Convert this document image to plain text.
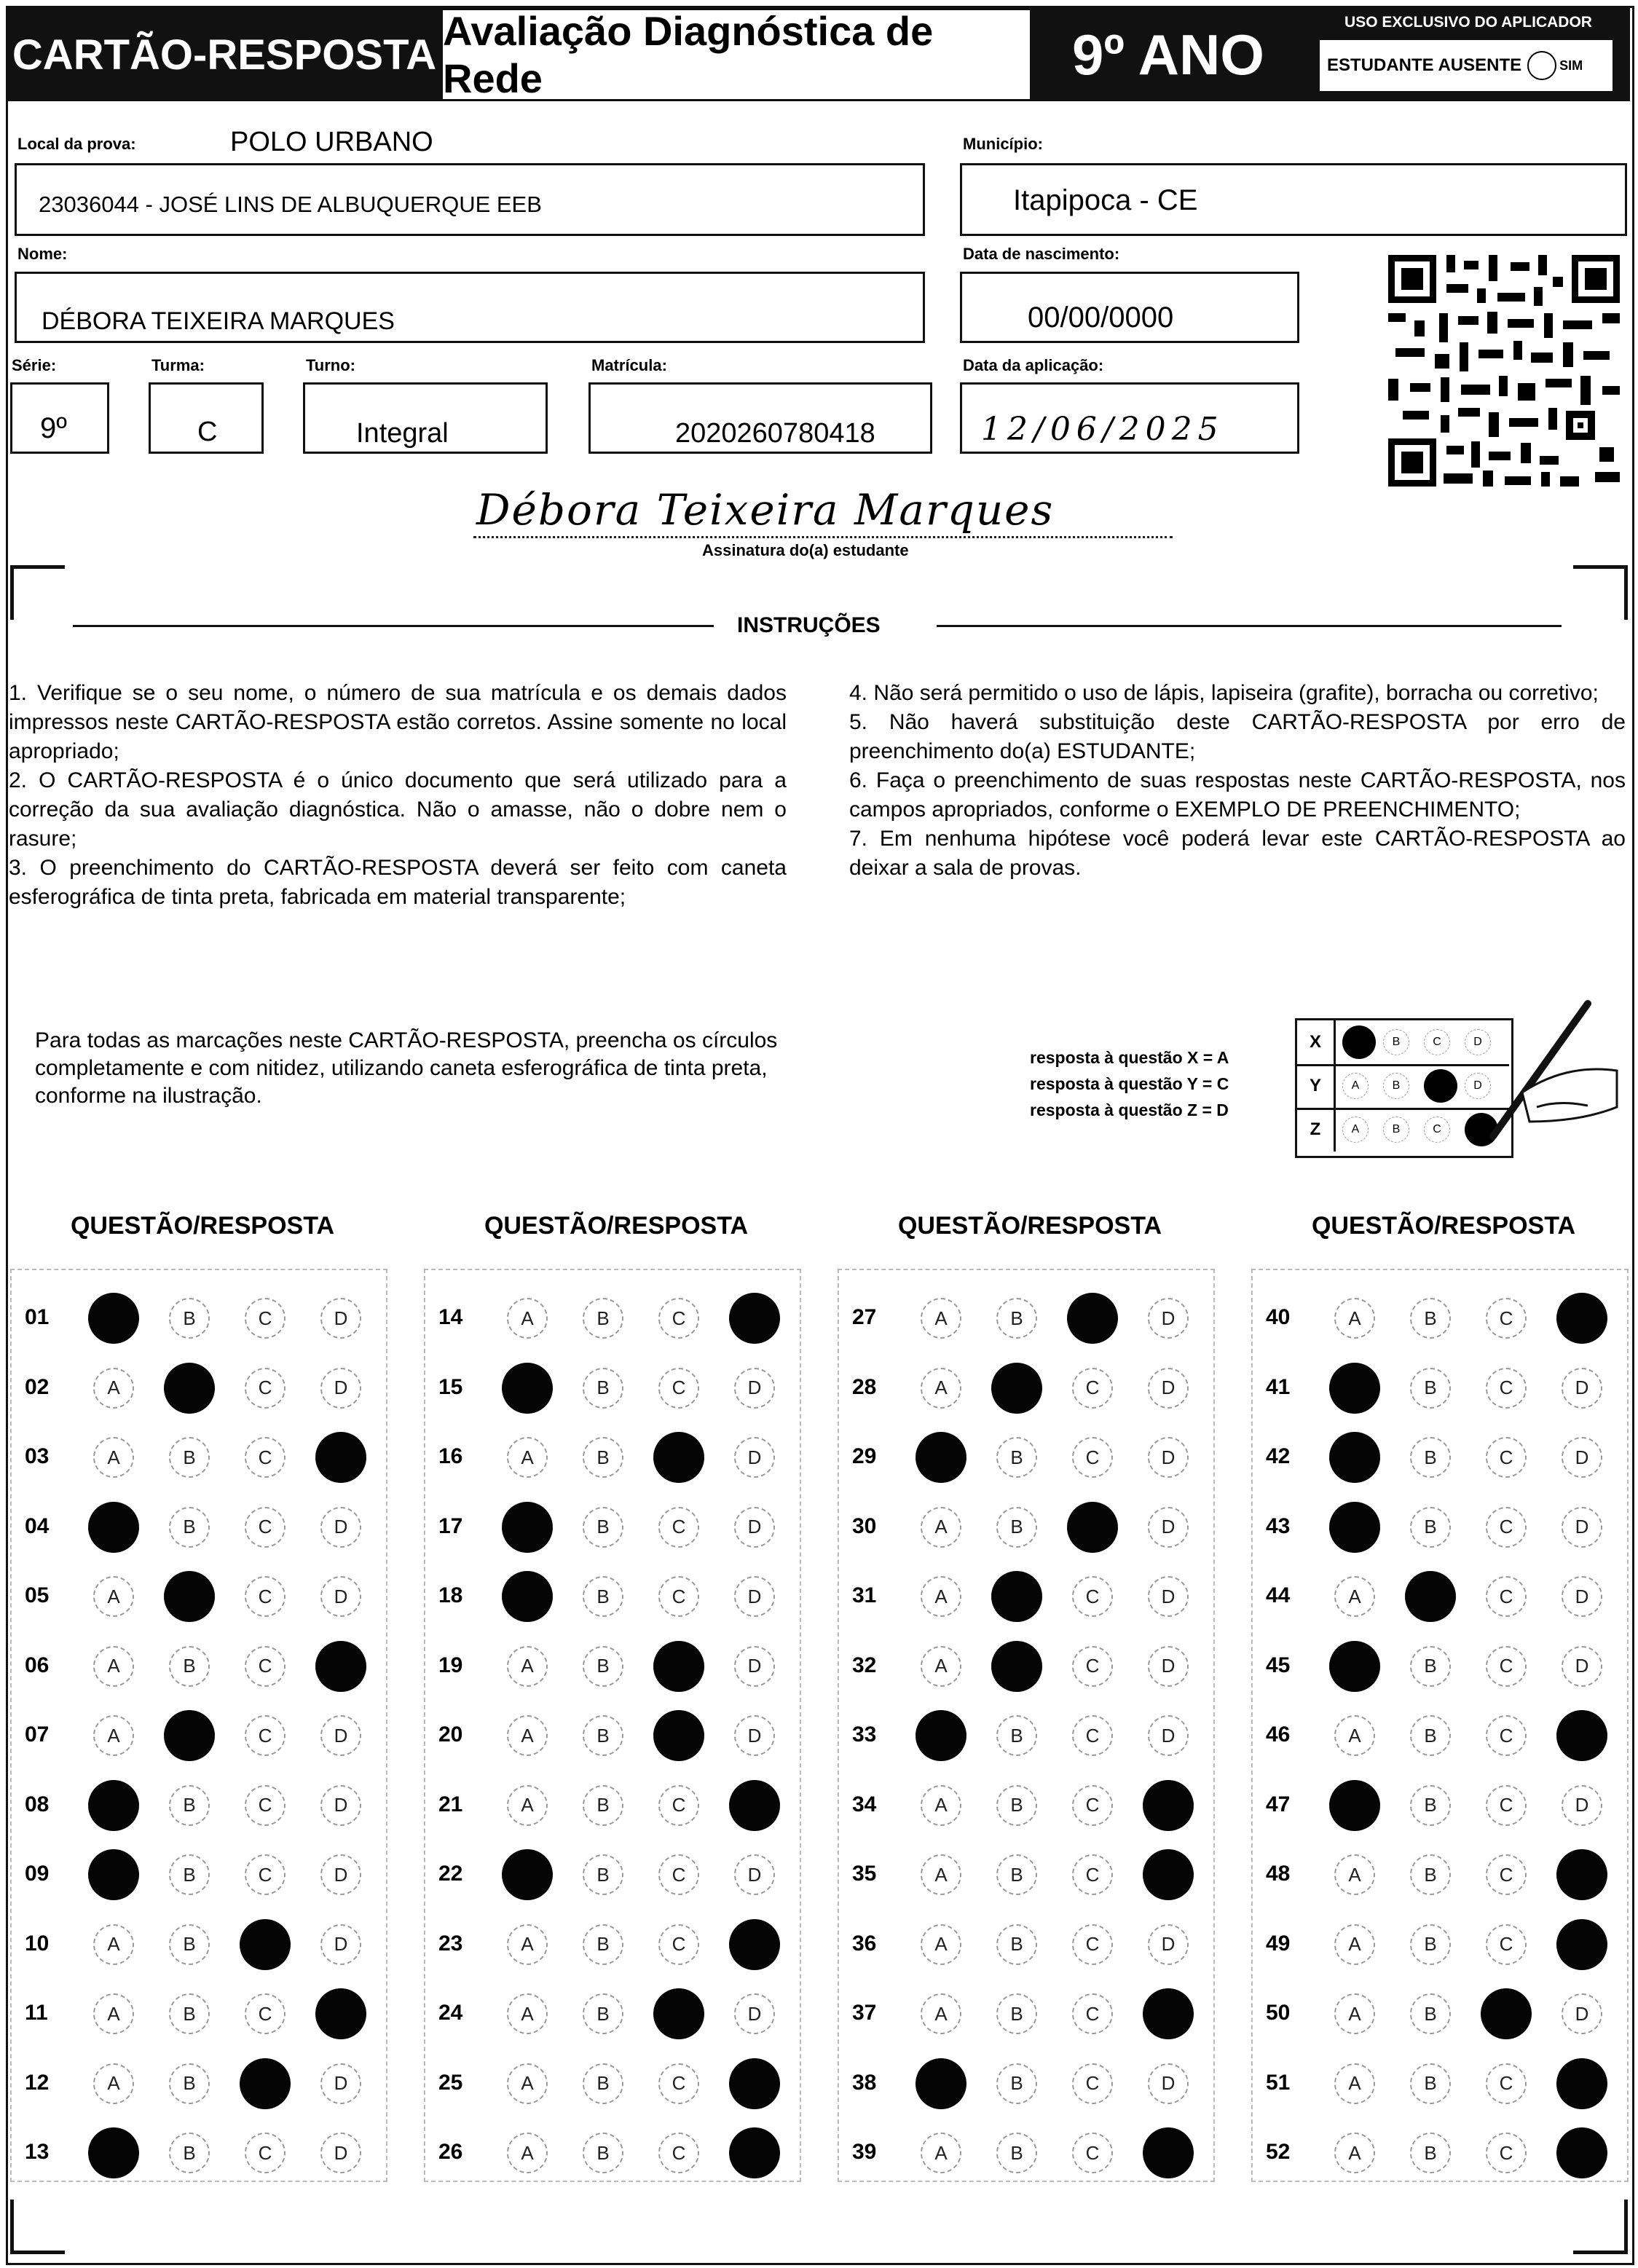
CARTÃO-RESPOSTA Avaliação Diagnóstica de Rede	9º ANO	USO EXCLUSIVO DO APLICADOR
ESTUDANTE AUSENTE	SIM
Local da prova:	POLO URBANO
23036044 - JOSÉ LINS DE ALBUQUERQUE EEB
Município:
Itapipoca - CE
Nome:
DÉBORA TEIXEIRA MARQUES
Data de nascimento:
00/00/0000
Série:
9º
Turma:
C
Turno:
Integral
Matrícula:
2020260780418
Data da aplicação:
12/06/2025
Débora Teixeira Marques
Assinatura do(a) estudante
INSTRUÇÕES
1. Verifique se o seu nome, o número de sua matrícula e os demais dados impressos neste CARTÃO-RESPOSTA estão corretos. Assine somente no local apropriado;
2. O CARTÃO-RESPOSTA é o único documento que será utilizado para a correção da sua avaliação diagnóstica. Não o amasse, não o dobre nem o rasure;
3. O preenchimento do CARTÃO-RESPOSTA deverá ser feito com caneta esferográfica de tinta preta, fabricada em material transparente;
4. Não será permitido o uso de lápis, lapiseira (grafite), borracha ou corretivo;
5. Não haverá substituição deste CARTÃO-RESPOSTA por erro de preenchimento do(a) ESTUDANTE;
6. Faça o preenchimento de suas respostas neste CARTÃO-RESPOSTA, nos campos apropriados, conforme o EXEMPLO DE PREENCHIMENTO;
7. Em nenhuma hipótese você poderá levar este CARTÃO-RESPOSTA ao deixar a sala de provas.
Para todas as marcações neste CARTÃO-RESPOSTA, preencha os círculos completamente e com nitidez, utilizando caneta esferográfica de tinta preta, conforme na ilustração.
resposta à questão X = A
resposta à questão Y = C
resposta à questão Z = D
X	B	C	D
Y	A	B	D
Z	A	B	C
QUESTÃO/RESPOSTA
01	B	C	D
02	A	C	D
03	A	B	C
04	B	C	D
05	A	C	D
06	A	B	C
07	A	C	D
08	B	C	D
09	B	C	D
10	A	B	D
11	A	B	C
12	A	B	D
13	B	C	D
QUESTÃO/RESPOSTA
14	A	B	C
15	B	C	D
16	A	B	D
17	B	C	D
18	B	C	D
19	A	B	D
20	A	B	D
21	A	B	C
22	B	C	D
23	A	B	C
24	A	B	D
25	A	B	C
26	A	B	C
QUESTÃO/RESPOSTA
27	A	B	D
28	A	C	D
29	B	C	D
30	A	B	D
31	A	C	D
32	A	C	D
33	B	C	D
34	A	B	C
35	A	B	C
36	A	B	C	D
37	A	B	C
38	B	C	D
39	A	B	C
QUESTÃO/RESPOSTA
40	A	B	C
41	B	C	D
42	B	C	D
43	B	C	D
44	A	C	D
45	B	C	D
46	A	B	C
47	B	C	D
48	A	B	C
49	A	B	C
50	A	B	D
51	A	B	C
52	A	B	C
